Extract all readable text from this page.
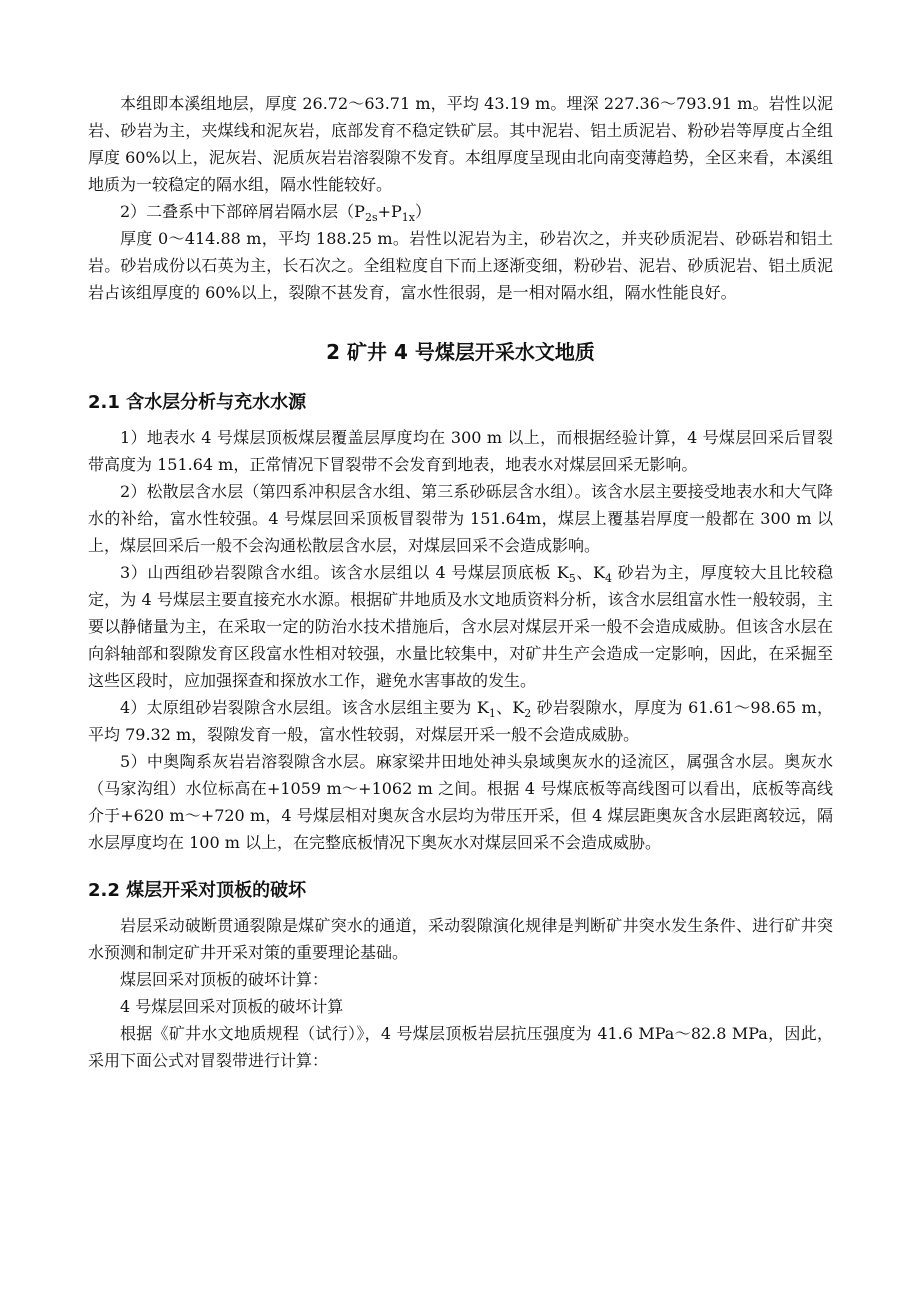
本组即本溪组地层，厚度 26.72～63.71 m，平均 43.19 m。埋深 227.36～793.91 m。岩性以泥岩、砂岩为主，夹煤线和泥灰岩，底部发育不稳定铁矿层。其中泥岩、铝土质泥岩、粉砂岩等厚度占全组厚度 60%以上，泥灰岩、泥质灰岩岩溶裂隙不发育。本组厚度呈现由北向南变薄趋势，全区来看，本溪组地质为一较稳定的隔水组，隔水性能较好。

2）二叠系中下部碎屑岩隔水层$(P_{2s}+P_{1x})$

厚度 0～414.88 m，平均 188.25 m。岩性以泥岩为主，砂岩次之，并夹砂质泥岩、砂砾岩和铝土岩。砂岩成份以石英为主，长石次之。全组粒度自下而上逐渐变细，粉砂岩、泥岩、砂质泥岩、铝土质泥岩占该组厚度的 60%以上，裂隙不甚发育，富水性很弱，是一相对隔水组，隔水性能良好。

2 矿井 4 号煤层开采水文地质
2.1 含水层分析与充水水源

1）地表水 4 号煤层顶板煤层覆盖层厚度均在 300 m 以上，而根据经验计算，4 号煤层回采后冒裂带高度为 151.64 m，正常情况下冒裂带不会发育到地表，地表水对煤层回采无影响。

2）松散层含水层（第四系冲积层含水组、第三系砂砾层含水组）。该含水层主要接受地表水和大气降水的补给，富水性较强。4 号煤层回采顶板冒裂带为 151.64m，煤层上覆基岩厚度一般都在 300 m 以上，煤层回采后一般不会沟通松散层含水层，对煤层回采不会造成影响。

3）山西组砂岩裂隙含水组。该含水层组以 4 号煤层顶底板 $K_5$、$K_4$ 砂岩为主，厚度较大且比较稳定，为 4 号煤层主要直接充水水源。根据矿井地质及水文地质资料分析，该含水层组富水性一般较弱，主要以静储量为主，在采取一定的防治水技术措施后，含水层对煤层开采一般不会造成威胁。但该含水层在向斜轴部和裂隙发育区段富水性相对较强，水量比较集中，对矿井生产会造成一定影响，因此，在采掘至这些区段时，应加强探查和探放水工作，避免水害事故的发生。

4）太原组砂岩裂隙含水层组。该含水层组主要为 $K_1$、$K_2$ 砂岩裂隙水，厚度为 61.61～98.65 m，平均 79.32 m，裂隙发育一般，富水性较弱，对煤层开采一般不会造成威胁。

5）中奥陶系灰岩岩溶裂隙含水层。麻家梁井田地处神头泉域奥灰水的迳流区，属强含水层。奥灰水（马家沟组）水位标高在+1059 m～+1062 m 之间。根据 4 号煤底板等高线图可以看出，底板等高线介于+620 m～+720 m，4 号煤层相对奥灰含水层均为带压开采，但 4 煤层距奥灰含水层距离较远，隔水层厚度均在 100 m 以上，在完整底板情况下奥灰水对煤层回采不会造成威胁。

2.2 煤层开采对顶板的破坏

岩层采动破断贯通裂隙是煤矿突水的通道，采动裂隙演化规律是判断矿井突水发生条件、进行矿井突水预测和制定矿井开采对策的重要理论基础。

煤层回采对顶板的破坏计算：

4 号煤层回采对顶板的破坏计算

根据《矿井水文地质规程（试行）》，4 号煤层顶板岩层抗压强度为 41.6 MPa～82.8 MPa，因此，采用下面公式对冒裂带进行计算：
